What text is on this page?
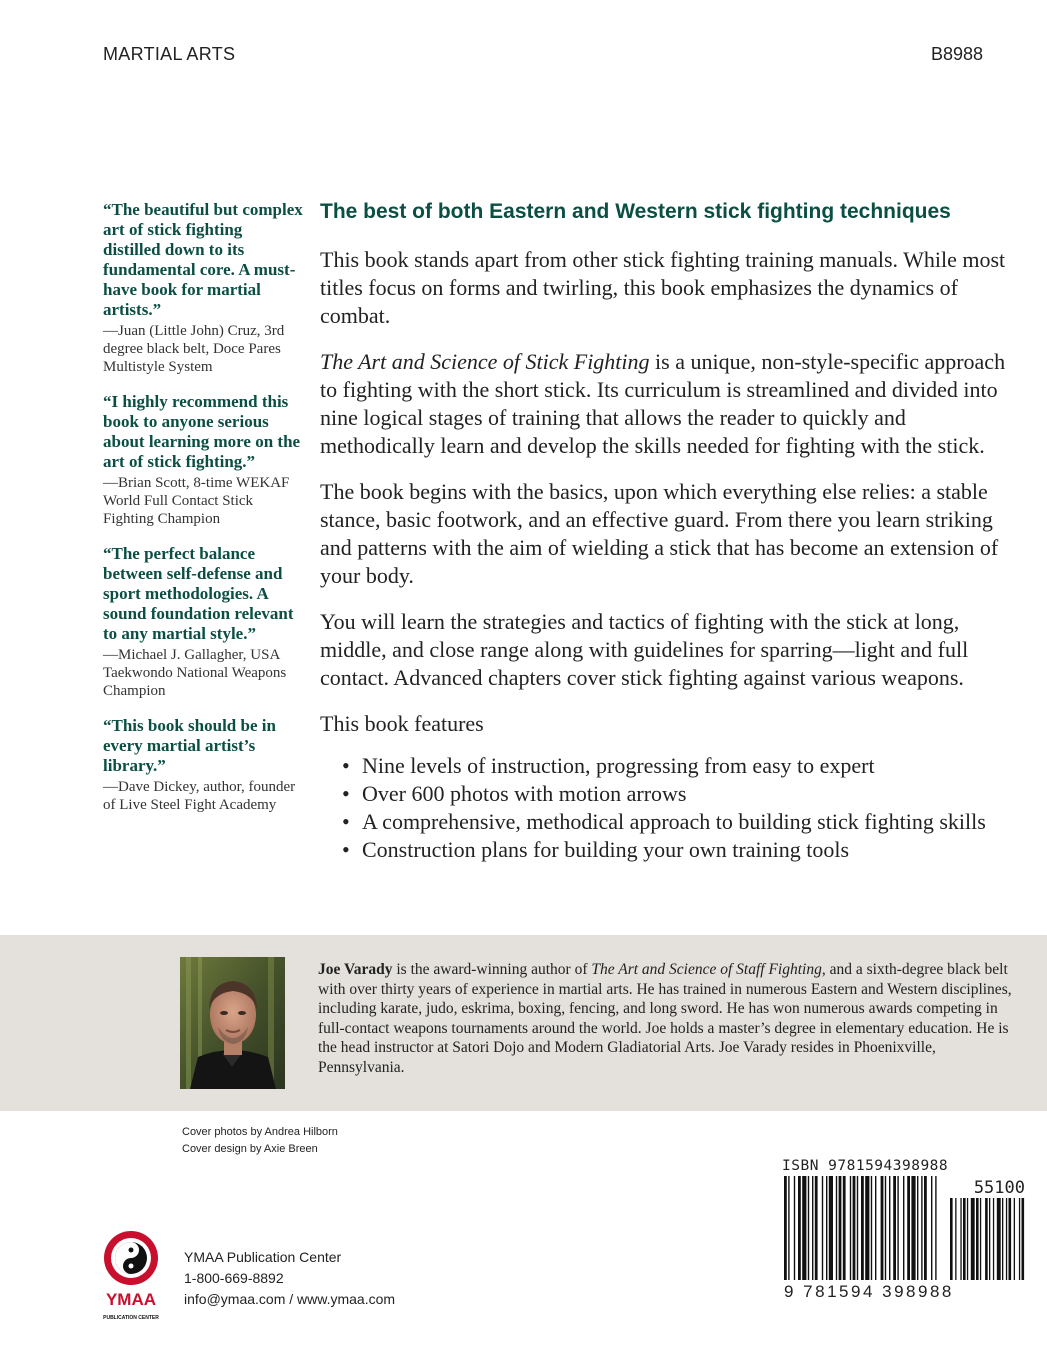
MARTIAL ARTS	B8988
“The beautiful but complex art of stick fighting distilled down to its fundamental core. A must-have book for martial artists.”
—Juan (Little John) Cruz, 3rd degree black belt, Doce Pares Multistyle System
“I highly recommend this book to anyone serious about learning more on the art of stick fighting.”
—Brian Scott, 8-time WEKAF World Full Contact Stick Fighting Champion
“The perfect balance between self-defense and sport methodologies. A sound foundation relevant to any martial style.”
—Michael J. Gallagher, USA Taekwondo National Weapons Champion
“This book should be in every martial artist’s library.”
—Dave Dickey, author, founder of Live Steel Fight Academy
The best of both Eastern and Western stick fighting techniques

This book stands apart from other stick fighting training manuals. While most titles focus on forms and twirling, this book emphasizes the dynamics of combat.

The Art and Science of Stick Fighting is a unique, non-style-specific approach to fighting with the short stick. Its curriculum is streamlined and divided into nine logical stages of training that allows the reader to quickly and methodically learn and develop the skills needed for fighting with the stick.

The book begins with the basics, upon which everything else relies: a stable stance, basic footwork, and an effective guard. From there you learn striking and patterns with the aim of wielding a stick that has become an extension of your body.

You will learn the strategies and tactics of fighting with the stick at long, middle, and close range along with guidelines for sparring—light and full contact. Advanced chapters cover stick fighting against various weapons.

This book features

• Nine levels of instruction, progressing from easy to expert
• Over 600 photos with motion arrows
• A comprehensive, methodical approach to building stick fighting skills
• Construction plans for building your own training tools
Joe Varady is the award-winning author of The Art and Science of Staff Fighting, and a sixth-degree black belt with over thirty years of experience in martial arts. He has trained in numerous Eastern and Western disciplines, including karate, judo, eskrima, boxing, fencing, and long sword. He has won numerous awards competing in full-contact weapons tournaments around the world. Joe holds a master’s degree in elementary education. He is the head instructor at Satori Dojo and Modern Gladiatorial Arts. Joe Varady resides in Phoenixville, Pennsylvania.
Cover photos by Andrea Hilborn
Cover design by Axie Breen
YMAA
PUBLICATION CENTER
YMAA Publication Center
1-800-669-8892
info@ymaa.com / www.ymaa.com
ISBN 9781594398988
55100
9 781594 398988
